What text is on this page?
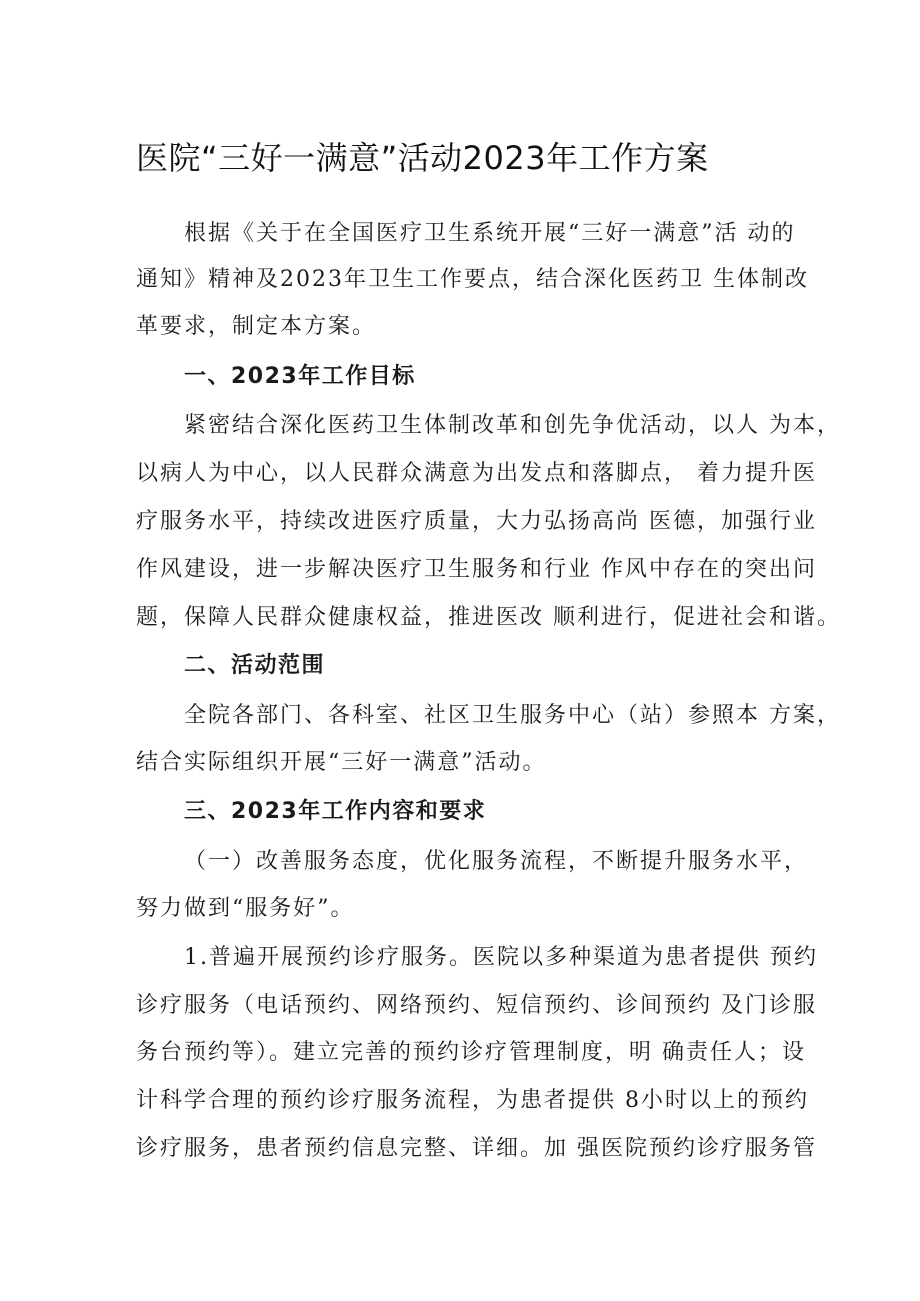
医院“三好一满意”活动2023年工作方案
根据《关于在全国医疗卫生系统开展“三好一满意”活 动的
通知》精神及2023年卫生工作要点，结合深化医药卫 生体制改
革要求，制定本方案。
一、2023年工作目标
紧密结合深化医药卫生体制改革和创先争优活动，以人 为本，
以病人为中心，以人民群众满意为出发点和落脚点， 着力提升医
疗服务水平，持续改进医疗质量，大力弘扬高尚 医德，加强行业
作风建设，进一步解决医疗卫生服务和行业 作风中存在的突出问
题，保障人民群众健康权益，推进医改 顺利进行，促进社会和谐。
二、活动范围
全院各部门、各科室、社区卫生服务中心（站）参照本 方案，
结合实际组织开展“三好一满意”活动。
三、2023年工作内容和要求
（一）改善服务态度，优化服务流程，不断提升服务水平，
努力做到“服务好”。
1.普遍开展预约诊疗服务。医院以多种渠道为患者提供 预约
诊疗服务（电话预约、网络预约、短信预约、诊间预约 及门诊服
务台预约等）。建立完善的预约诊疗管理制度，明 确责任人；设
计科学合理的预约诊疗服务流程，为患者提供 8小时以上的预约
诊疗服务，患者预约信息完整、详细。加 强医院预约诊疗服务管
